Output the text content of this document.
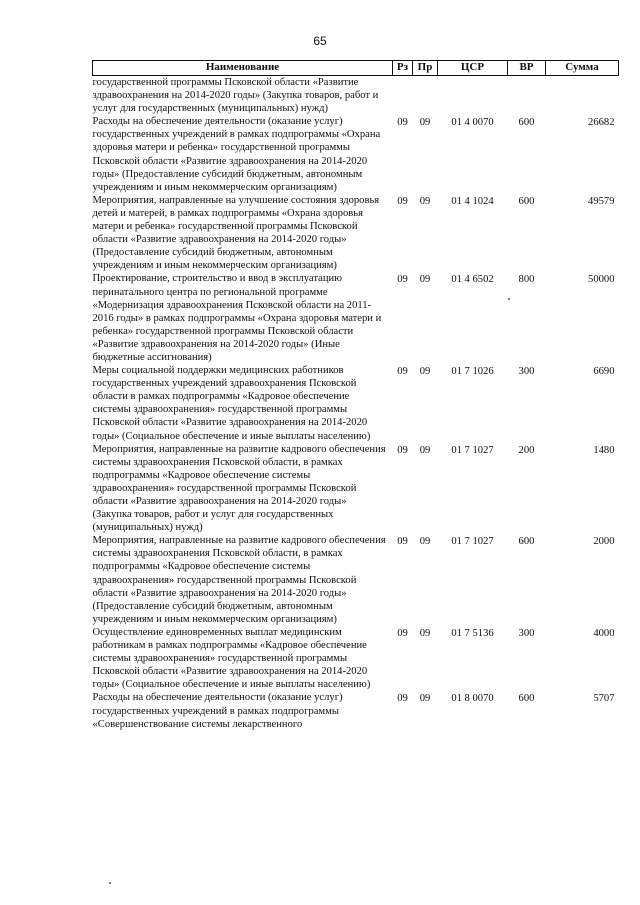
65
Наименование	Рз	Пр	ЦСР	ВР	Сумма
государственной программы Псковской области «Развитие здравоохранения на 2014-2020 годы» (Закупка товаров, работ и услуг для государственных (муниципальных) нужд)					
Расходы на обеспечение деятельности (оказание услуг) государственных учреждений в рамках подпрограммы «Охрана здоровья матери и ребенка» государственной программы Псковской области «Развитие здравоохранения на 2014-2020 годы» (Предоставление субсидий бюджетным, автономным учреждениям и иным некоммерческим организациям)	09	09	01 4 0070	600	26682
Мероприятия, направленные на улучшение состояния здоровья детей и матерей, в рамках подпрограммы «Охрана здоровья матери и ребенка» государственной программы Псковской области «Развитие здравоохранения на 2014-2020 годы» (Предоставление субсидий бюджетным, автономным учреждениям и иным некоммерческим организациям)	09	09	01 4 1024	600	49579
Проектирование, строительство и ввод в эксплуатацию перинатального центра по региональной программе «Модернизация здравоохранения Псковской области на 2011-2016 годы» в рамках подпрограммы «Охрана здоровья матери и ребенка» государственной программы Псковской области «Развитие здравоохранения на 2014-2020 годы» (Иные бюджетные ассигнования)	09	09	01 4 6502	800	50000
Меры социальной поддержки медицинских работников государственных учреждений здравоохранения Псковской области в рамках подпрограммы «Кадровое обеспечение системы здравоохранения» государственной программы Псковской области «Развитие здравоохранения на 2014-2020 годы» (Социальное обеспечение и иные выплаты населению)	09	09	01 7 1026	300	6690
Мероприятия, направленные на развитие кадрового обеспечения системы здравоохранения Псковской области, в рамках подпрограммы «Кадровое обеспечение системы здравоохранения» государственной программы Псковской области «Развитие здравоохранения на 2014-2020 годы» (Закупка товаров, работ и услуг для государственных (муниципальных) нужд)	09	09	01 7 1027	200	1480
Мероприятия, направленные на развитие кадрового обеспечения системы здравоохранения Псковской области, в рамках подпрограммы «Кадровое обеспечение системы здравоохранения» государственной программы Псковской области «Развитие здравоохранения на 2014-2020 годы» (Предоставление субсидий бюджетным, автономным учреждениям и иным некоммерческим организациям)	09	09	01 7 1027	600	2000
Осуществление единовременных выплат медицинским работникам в рамках подпрограммы «Кадровое обеспечение системы здравоохранения» государственной программы Псковской области «Развитие здравоохранения на 2014-2020 годы» (Социальное обеспечение и иные выплаты населению)	09	09	01 7 5136	300	4000
Расходы на обеспечение деятельности (оказание услуг) государственных учреждений в рамках подпрограммы «Совершенствование системы лекарственного	09	09	01 8 0070	600	5707
